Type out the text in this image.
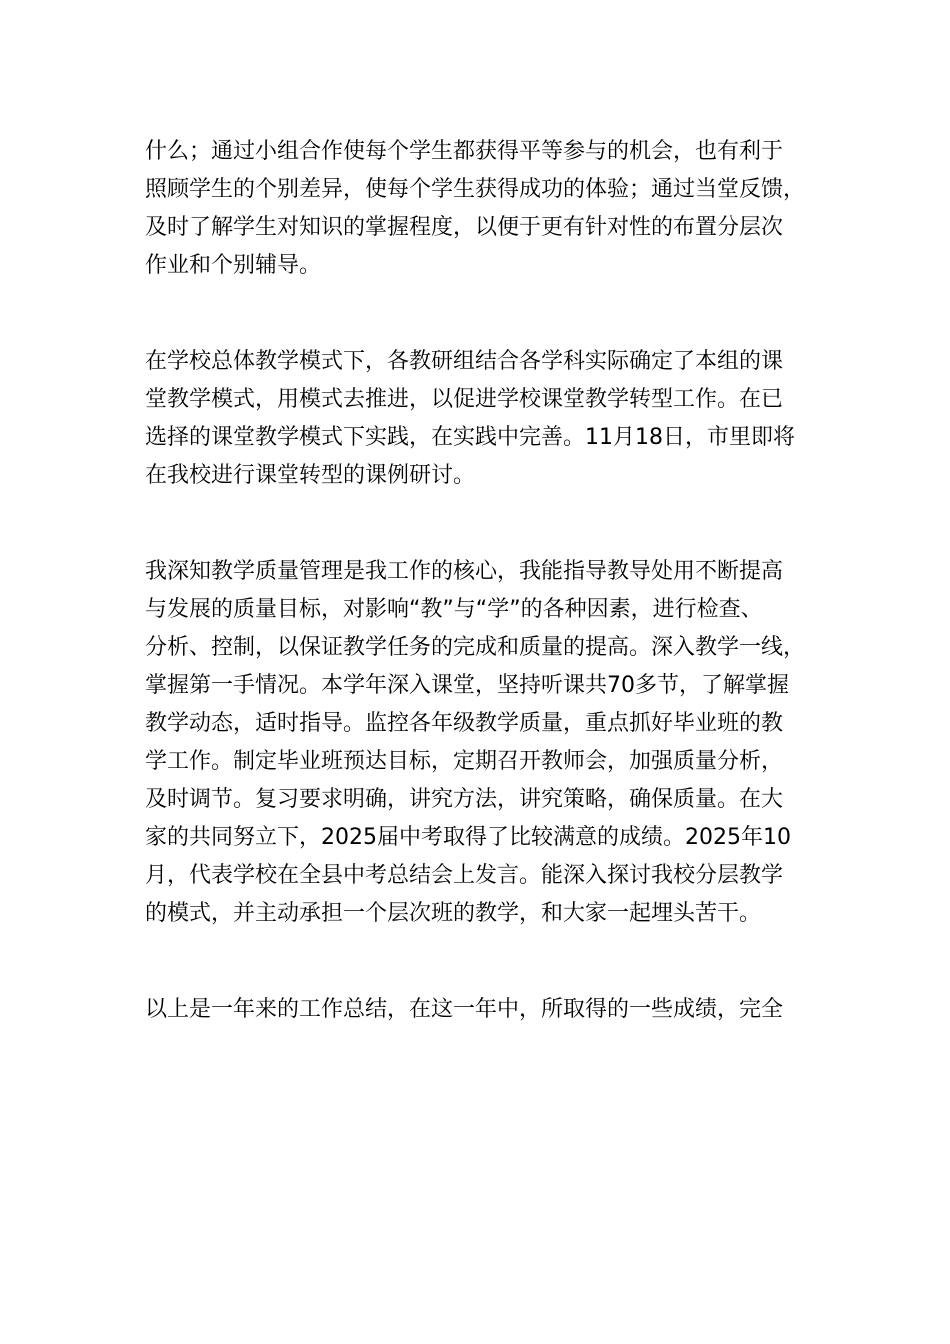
什么；通过小组合作使每个学生都获得平等参与的机会，也有利于
照顾学生的个别差异，使每个学生获得成功的体验；通过当堂反馈，
及时了解学生对知识的掌握程度，以便于更有针对性的布置分层次
作业和个别辅导。
在学校总体教学模式下，各教研组结合各学科实际确定了本组的课
堂教学模式，用模式去推进，以促进学校课堂教学转型工作。在已
选择的课堂教学模式下实践，在实践中完善。11月18日，市里即将
在我校进行课堂转型的课例研讨。
我深知教学质量管理是我工作的核心，我能指导教导处用不断提高
与发展的质量目标，对影响“教”与“学”的各种因素，进行检查、
分析、控制，以保证教学任务的完成和质量的提高。深入教学一线，
掌握第一手情况。本学年深入课堂，坚持听课共70多节，了解掌握
教学动态，适时指导。监控各年级教学质量，重点抓好毕业班的教
学工作。制定毕业班预达目标，定期召开教师会，加强质量分析，
及时调节。复习要求明确，讲究方法，讲究策略，确保质量。在大
家的共同努立下，2025届中考取得了比较满意的成绩。2025年10
月，代表学校在全县中考总结会上发言。能深入探讨我校分层教学
的模式，并主动承担一个层次班的教学，和大家一起埋头苦干。
以上是一年来的工作总结，在这一年中，所取得的一些成绩，完全
